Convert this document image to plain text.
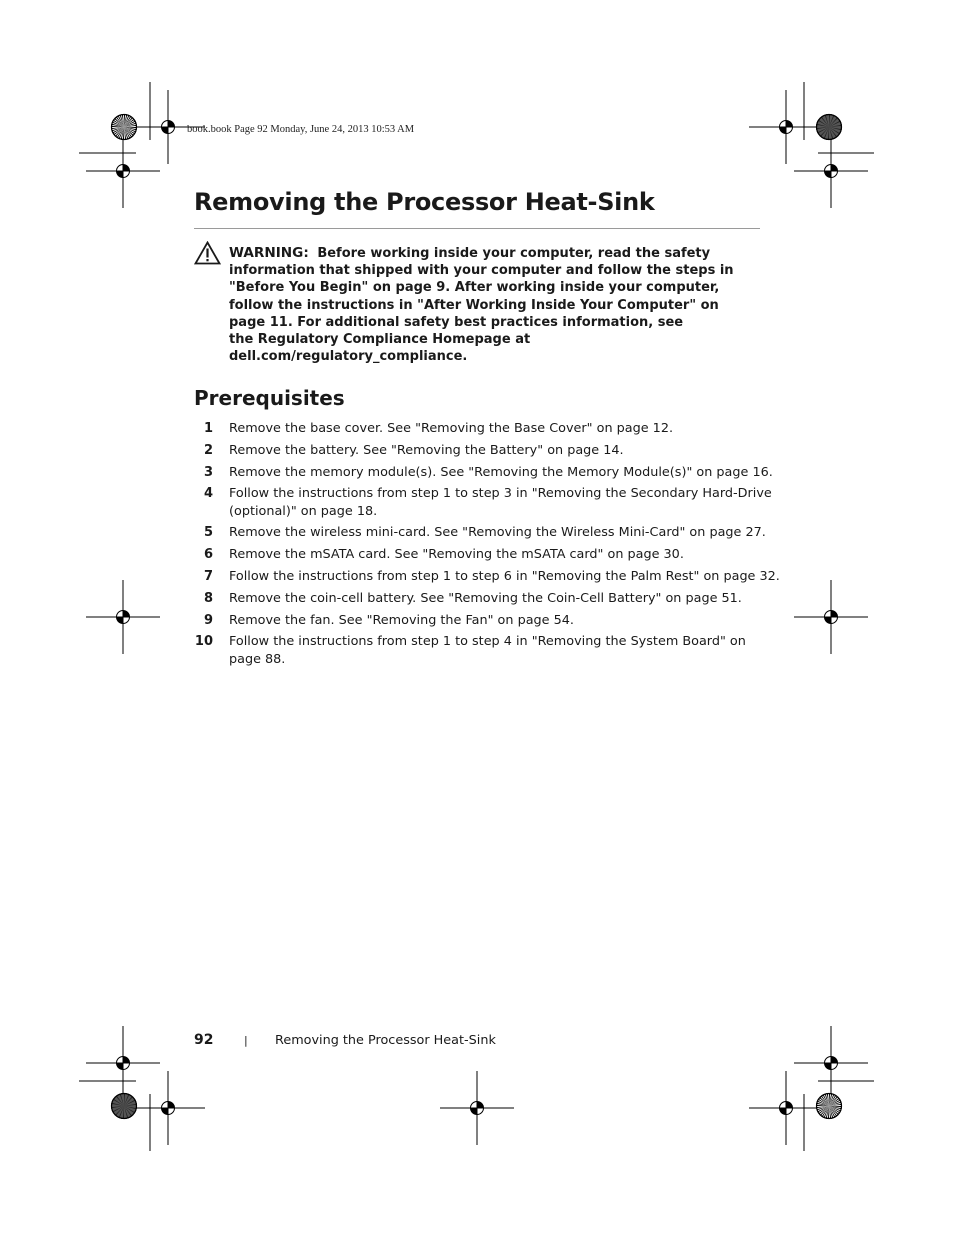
book.book Page 92 Monday, June 24, 2013 10:53 AM
Removing the Processor Heat-Sink
WARNING: Before working inside your computer, read the safety
information that shipped with your computer and follow the steps in
"Before You Begin" on page 9. After working inside your computer,
follow the instructions in "After Working Inside Your Computer" on
page 11. For additional safety best practices information, see
the Regulatory Compliance Homepage at
dell.com/regulatory_compliance.
Prerequisites
1 Remove the base cover. See "Removing the Base Cover" on page 12.
2 Remove the battery. See "Removing the Battery" on page 14.
3 Remove the memory module(s). See "Removing the Memory Module(s)" on page 16.
4 Follow the instructions from step 1 to step 3 in "Removing the Secondary Hard-Drive
(optional)" on page 18.
5 Remove the wireless mini-card. See "Removing the Wireless Mini-Card" on page 27.
6 Remove the mSATA card. See "Removing the mSATA card" on page 30.
7 Follow the instructions from step 1 to step 6 in "Removing the Palm Rest" on page 32.
8 Remove the coin-cell battery. See "Removing the Coin-Cell Battery" on page 51.
9 Remove the fan. See "Removing the Fan" on page 54.
10 Follow the instructions from step 1 to step 4 in "Removing the System Board" on
page 88.
92	| Removing the Processor Heat-Sink
